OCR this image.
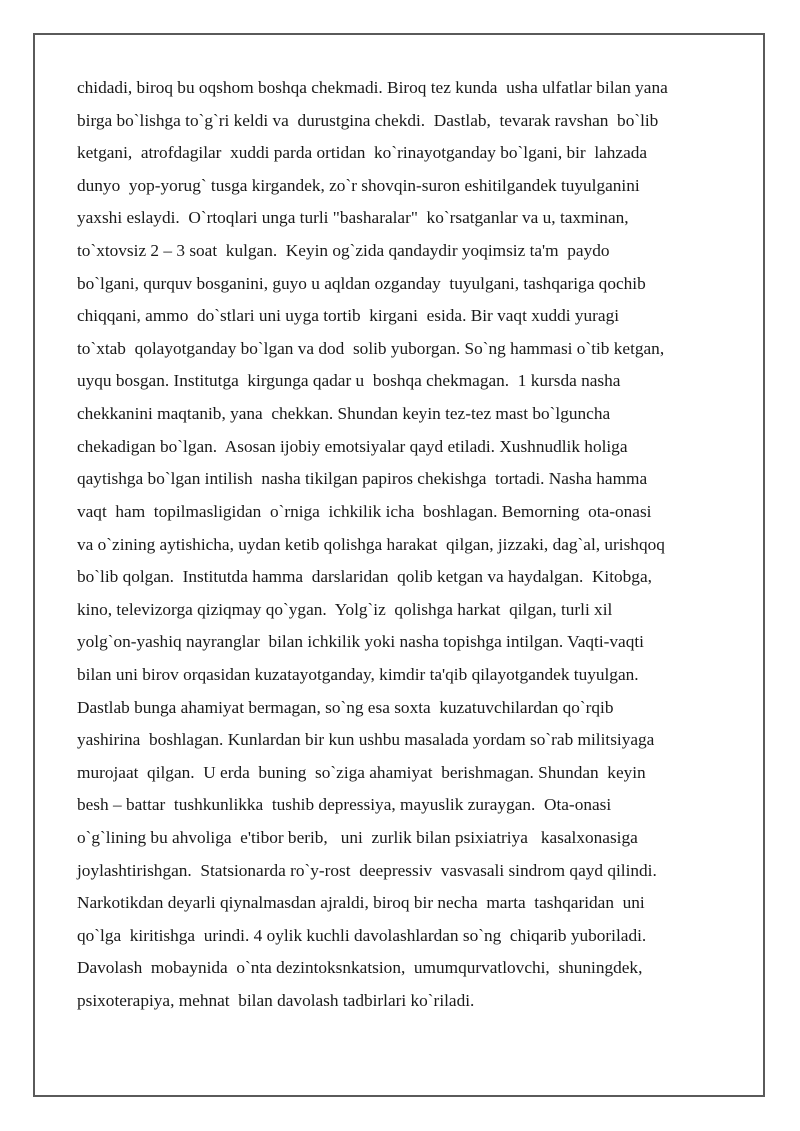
chidadi, biroq bu oqshom boshqa chekmadi. Biroq tez kunda  usha ulfatlar bilan yana
birga bo`lishga to`g`ri keldi va  durustgina chekdi.  Dastlab,  tevarak ravshan  bo`lib
ketgani,  atrofdagilar  xuddi parda ortidan  ko`rinayotganday bo`lgani, bir  lahzada
dunyo  yop-yorug` tusga kirgandek, zo`r shovqin-suron eshitilgandek tuyulganini
yaxshi eslaydi.  O`rtoqlari unga turli "basharalar"  ko`rsatganlar va u, taxminan,
to`xtovsiz 2 – 3 soat  kulgan.  Keyin og`zida qandaydir yoqimsiz ta'm  paydo
bo`lgani, qurquv bosganini, guyo u aqldan ozganday  tuyulgani, tashqariga qochib
chiqqani, ammo  do`stlari uni uyga tortib  kirgani  esida. Bir vaqt xuddi yuragi
to`xtab  qolayotganday bo`lgan va dod  solib yuborgan. So`ng hammasi o`tib ketgan,
uyqu bosgan. Institutga  kirgunga qadar u  boshqa chekmagan.  1 kursda nasha
chekkanini maqtanib, yana  chekkan. Shundan keyin tez-tez mast bo`lguncha
chekadigan bo`lgan.  Asosan ijobiy emotsiyalar qayd etiladi. Xushnudlik holiga
qaytishga bo`lgan intilish  nasha tikilgan papiros chekishga  tortadi. Nasha hamma
vaqt  ham  topilmasligidan  o`rniga  ichkilik icha  boshlagan. Bemorning  ota-onasi
va o`zining aytishicha, uydan ketib qolishga harakat  qilgan, jizzaki, dag`al, urishqoq
bo`lib qolgan.  Institutda hamma  darslaridan  qolib ketgan va haydalgan.  Kitobga,
kino, televizorga qiziqmay qo`ygan.  Yolg`iz  qolishga harkat  qilgan, turli xil
yolg`on-yashiq nayranglar  bilan ichkilik yoki nasha topishga intilgan. Vaqti-vaqti
bilan uni birov orqasidan kuzatayotganday, kimdir ta'qib qilayotgandek tuyulgan.
Dastlab bunga ahamiyat bermagan, so`ng esa soxta  kuzatuvchilardan qo`rqib
yashirina  boshlagan. Kunlardan bir kun ushbu masalada yordam so`rab militsiyaga
murojaat  qilgan.  U erda  buning  so`ziga ahamiyat  berishmagan. Shundan  keyin
besh – battar  tushkunlikka  tushib depressiya, mayuslik zuraygan.  Ota-onasi
o`g`lining bu ahvoliga  e'tibor berib,   uni  zurlik bilan psixiatriya   kasalxonasiga
joylashtirishgan.  Statsionarda ro`y-rost  deepressiv  vasvasali sindrom qayd qilindi.
Narkotikdan deyarli qiynalmasdan ajraldi, biroq bir necha  marta  tashqaridan  uni
qo`lga  kiritishga  urindi. 4 oylik kuchli davolashlardan so`ng  chiqarib yuboriladi.
Davolash  mobaynida  o`nta dezintoksnkatsion,  umumqurvatlovchi,  shuningdek,
psixoterapiya, mehnat  bilan davolash tadbirlari ko`riladi.
